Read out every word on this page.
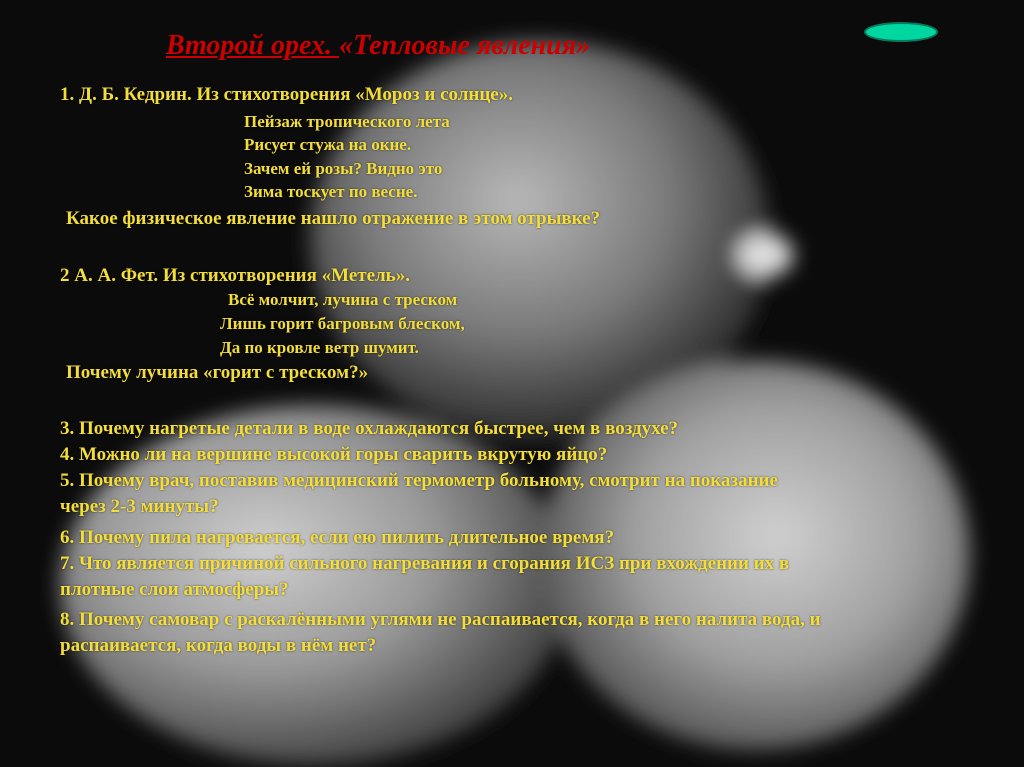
Второй орех. «Тепловые явления»
1. Д. Б. Кедрин. Из стихотворения «Мороз и солнце».
Пейзаж тропического лета
Рисует стужа на окне.
Зачем ей розы? Видно это
Зима тоскует по весне.
Какое физическое явление нашло отражение в этом отрывке?
2 А. А. Фет. Из стихотворения «Метель».
Всё молчит, лучина с треском
Лишь горит багровым блеском,
Да по кровле ветр шумит.
Почему лучина «горит с треском?»
3. Почему нагретые детали в воде охлаждаются быстрее, чем в воздухе?
4. Можно ли на вершине высокой горы сварить вкрутую яйцо?
5. Почему врач, поставив медицинский термометр больному, смотрит на показание
через 2-3 минуты?
6. Почему пила нагревается, если ею пилить длительное время?
7. Что является причиной сильного нагревания и сгорания ИСЗ при вхождении их в
плотные слои атмосферы?
8. Почему самовар с раскалёнными углями не распаивается, когда в него налита вода, и
распаивается, когда воды в нём нет?
